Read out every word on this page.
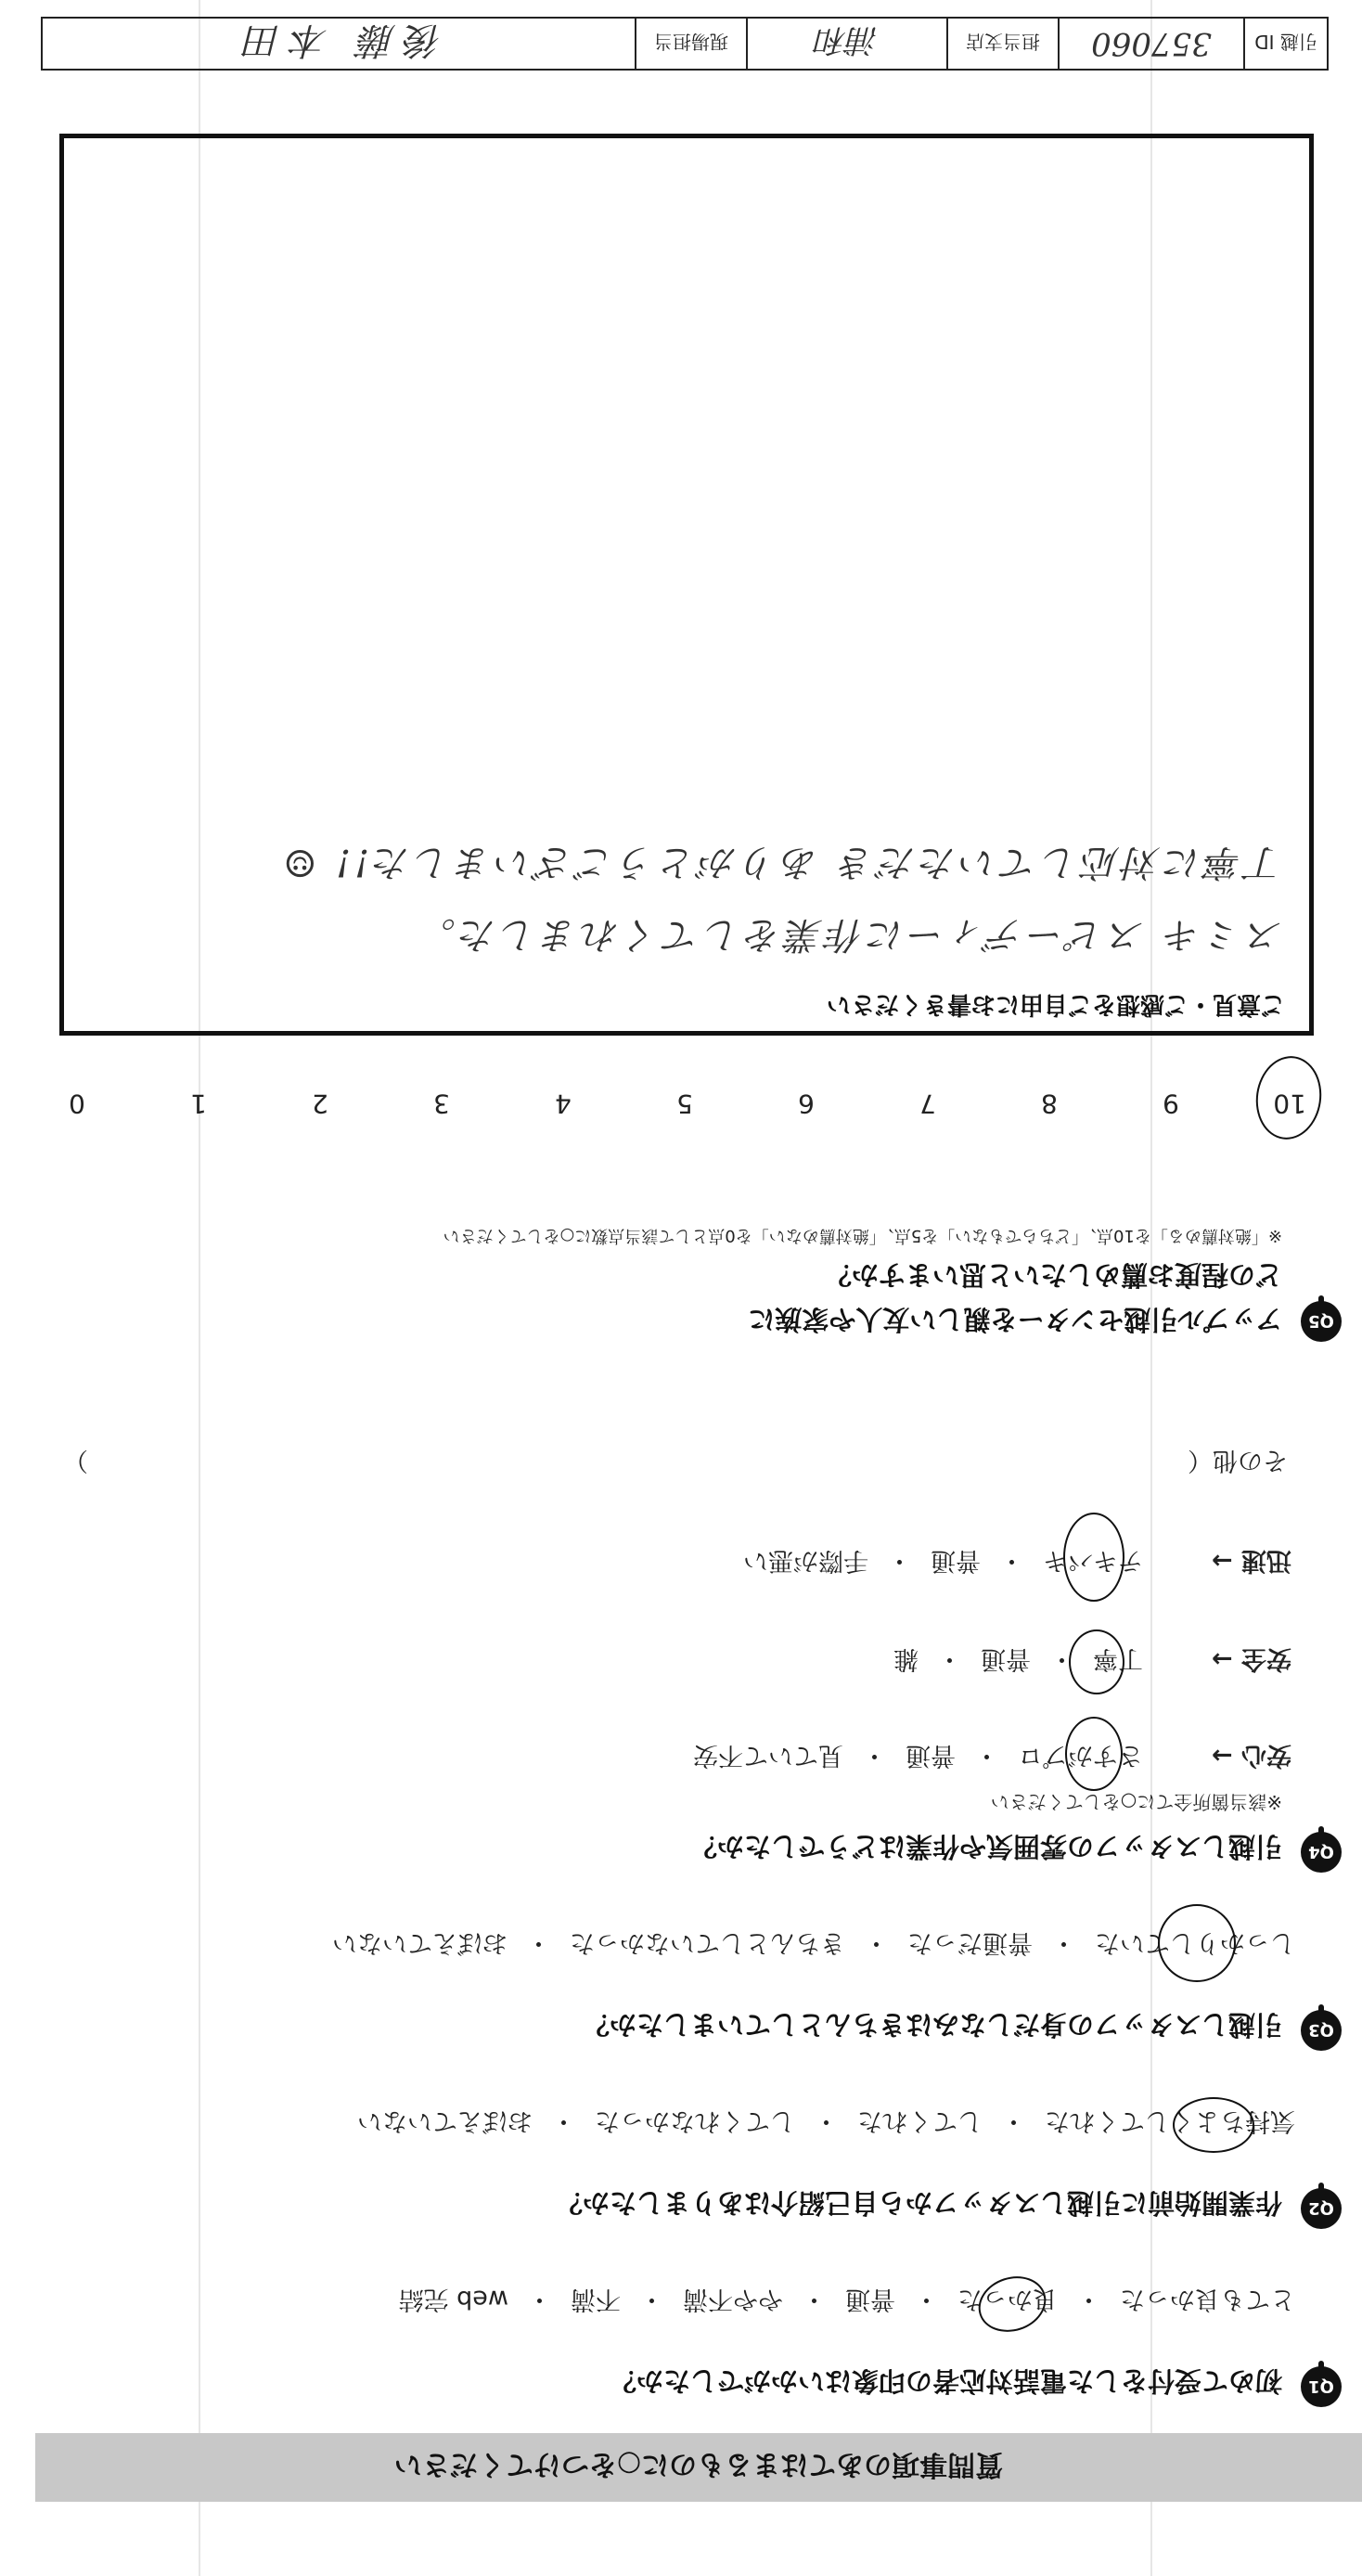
質問事項のあてはまるものに○をつけてください
Q1
初めて受付をした電話対応者の印象はいかがでしたか？
とても良かった
・
良かった
・
普通
・
やや不満
・
不満
・
web 完結
Q2
作業開始前に引越しスタッフから自己紹介はありましたか？
気持ちよくしてくれた
・
してくれた
・
してくれなかった
・
おぼえていない
Q3
引越しスタッフの身だしなみはきちんとしていましたか？
しっかりしていた
・
普通だった
・
きちんとしていなかった
・
おぼえていない
Q4
引越しスタッフの雰囲気や作業はどうでしたか？
※該当箇所全てに○をしてください
安心 →
さすがプロ
・
普通
・
見ていて不安
安全 →
丁寧
・
普通
・
雑
迅速 →
テキパキ
・
普通
・
手際が悪い
その他（
）
Q5
アップル引越センターを親しい友人や家族に
どの程度お薦めしたいと思いますか？
※「絶対薦める」を10点、「どちらでもない」を5点、「絶対薦めない」を0点として該当点数に○をしてください
10
9
8
7
6
5
4
3
2
1
0
ご意見・ご感想をご自由にお書きください
スミキ スピーディーに作業をしてくれました。
丁寧に対応していただき ありがとうございました!! ☺
引越 ID
357060
担当支店
浦和
現場担当
後藤 本田
